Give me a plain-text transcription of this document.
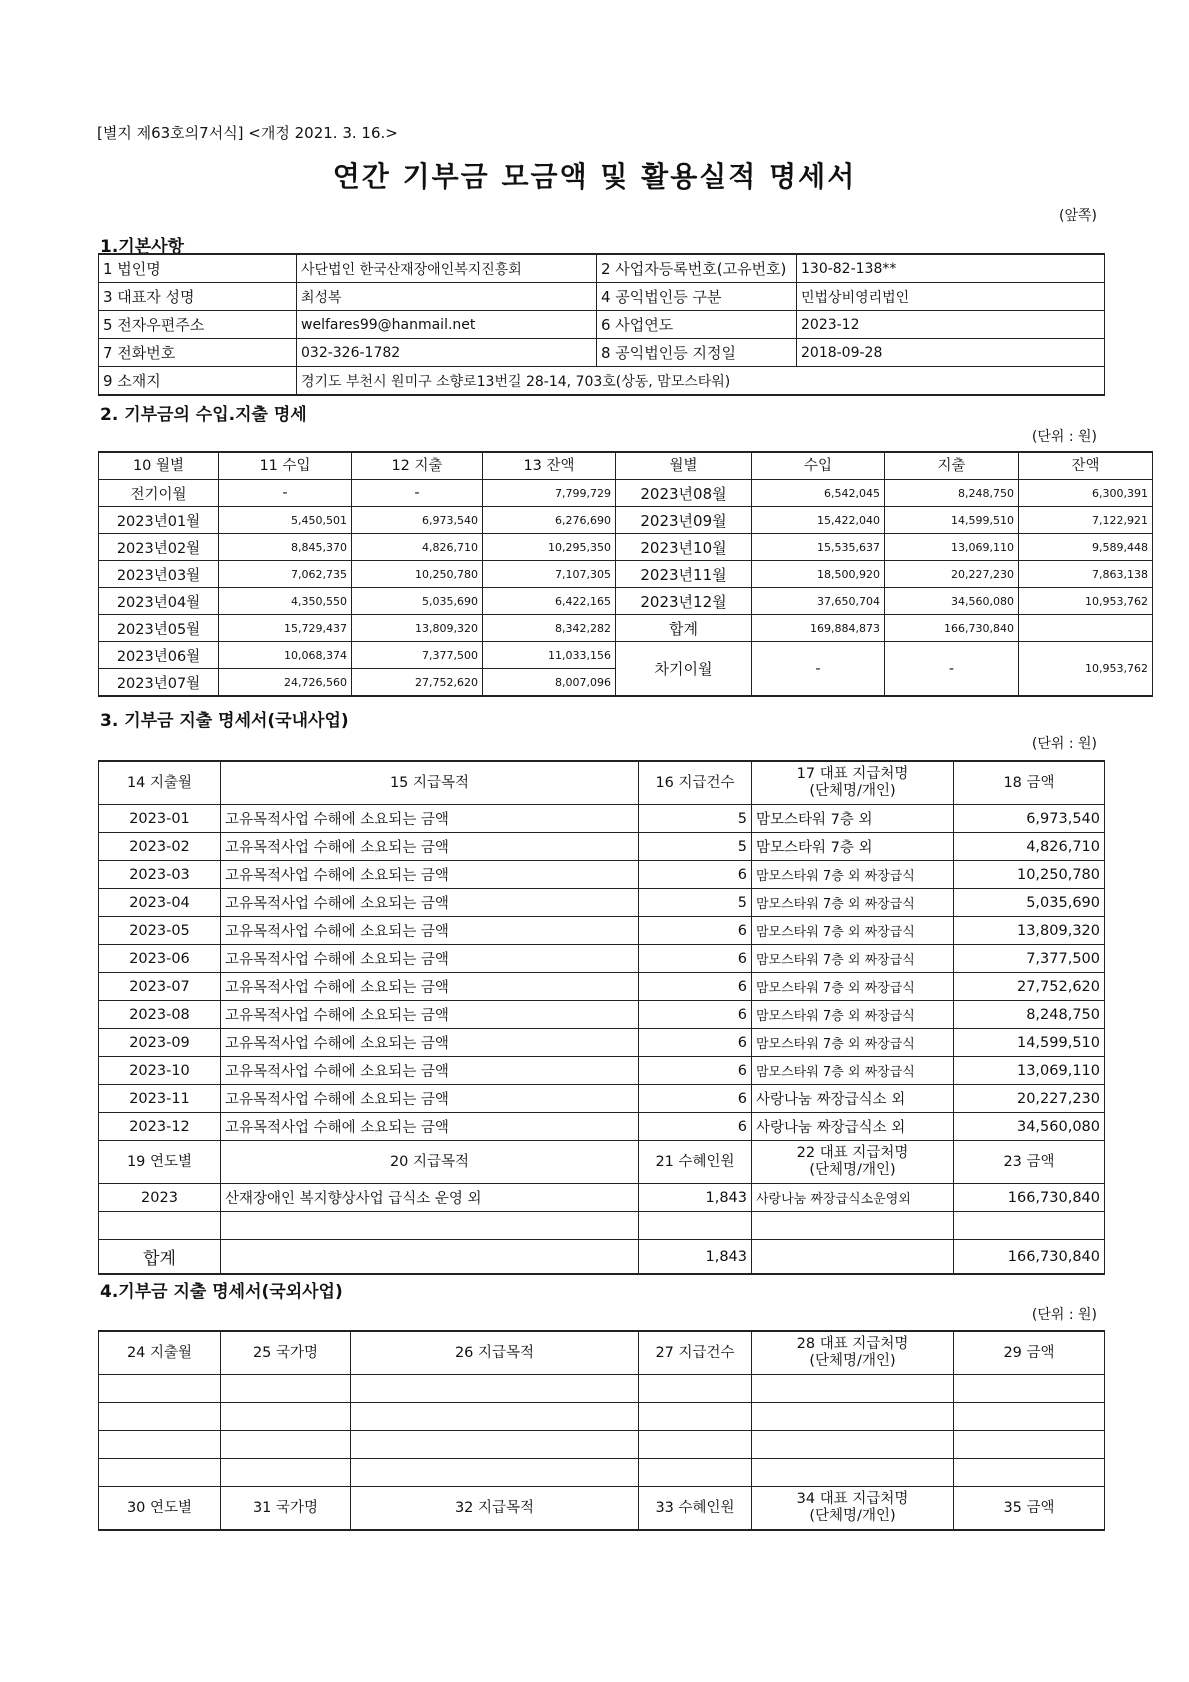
[별지 제63호의7서식] <개정 2021. 3. 16.>
연간 기부금 모금액 및 활용실적 명세서
(앞쪽)
1.기본사항
1 법인명	사단법인 한국산재장애인복지진흥회	2 사업자등록번호(고유번호)	130-82-138**
3 대표자 성명	최성복	4 공익법인등 구분	민법상비영리법인
5 전자우편주소	welfares99@hanmail.net	6 사업연도	2023-12
7 전화번호	032-326-1782	8 공익법인등 지정일	2018-09-28
9 소재지	경기도 부천시 원미구 소향로13번길 28-14, 703호(상동, 맘모스타워)		
2. 기부금의 수입.지출 명세
(단위 : 원)
10 월별	11 수입	12 지출	13 잔액	월별	수입	지출	잔액
전기이월	-	-	7,799,729	2023년08월	6,542,045	8,248,750	6,300,391
2023년01월	5,450,501	6,973,540	6,276,690	2023년09월	15,422,040	14,599,510	7,122,921
2023년02월	8,845,370	4,826,710	10,295,350	2023년10월	15,535,637	13,069,110	9,589,448
2023년03월	7,062,735	10,250,780	7,107,305	2023년11월	18,500,920	20,227,230	7,863,138
2023년04월	4,350,550	5,035,690	6,422,165	2023년12월	37,650,704	34,560,080	10,953,762
2023년05월	15,729,437	13,809,320	8,342,282	합계	169,884,873	166,730,840	
2023년06월	10,068,374	7,377,500	11,033,156	차기이월	-	-	10,953,762
2023년07월	24,726,560	27,752,620	8,007,096				
3. 기부금 지출 명세서(국내사업)
(단위 : 원)
14 지출월	15 지급목적	16 지급건수	17 대표 지급처명
(단체명/개인)	18 금액
2023-01	고유목적사업 수해에 소요되는 금액	5	맘모스타워 7층 외	6,973,540
2023-02	고유목적사업 수해에 소요되는 금액	5	맘모스타워 7층 외	4,826,710
2023-03	고유목적사업 수해에 소요되는 금액	6	맘모스타워 7층 외 짜장급식	10,250,780
2023-04	고유목적사업 수해에 소요되는 금액	5	맘모스타워 7층 외 짜장급식	5,035,690
2023-05	고유목적사업 수해에 소요되는 금액	6	맘모스타워 7층 외 짜장급식	13,809,320
2023-06	고유목적사업 수해에 소요되는 금액	6	맘모스타워 7층 외 짜장급식	7,377,500
2023-07	고유목적사업 수해에 소요되는 금액	6	맘모스타워 7층 외 짜장급식	27,752,620
2023-08	고유목적사업 수해에 소요되는 금액	6	맘모스타워 7층 외 짜장급식	8,248,750
2023-09	고유목적사업 수해에 소요되는 금액	6	맘모스타워 7층 외 짜장급식	14,599,510
2023-10	고유목적사업 수해에 소요되는 금액	6	맘모스타워 7층 외 짜장급식	13,069,110
2023-11	고유목적사업 수해에 소요되는 금액	6	사랑나눔 짜장급식소 외	20,227,230
2023-12	고유목적사업 수해에 소요되는 금액	6	사랑나눔 짜장급식소 외	34,560,080
19 연도별	20 지급목적	21 수혜인원	22 대표 지급처명
(단체명/개인)	23 금액
2023	산재장애인 복지향상사업 급식소 운영 외	1,843	사랑나눔 짜장급식소운영외	166,730,840

합계		1,843		166,730,840
4.기부금 지출 명세서(국외사업)
(단위 : 원)
24 지출월	25 국가명	26 지급목적	27 지급건수	28 대표 지급처명
(단체명/개인)	29 금액

30 연도별	31 국가명	32 지급목적	33 수혜인원	34 대표 지급처명
(단체명/개인)	35 금액
